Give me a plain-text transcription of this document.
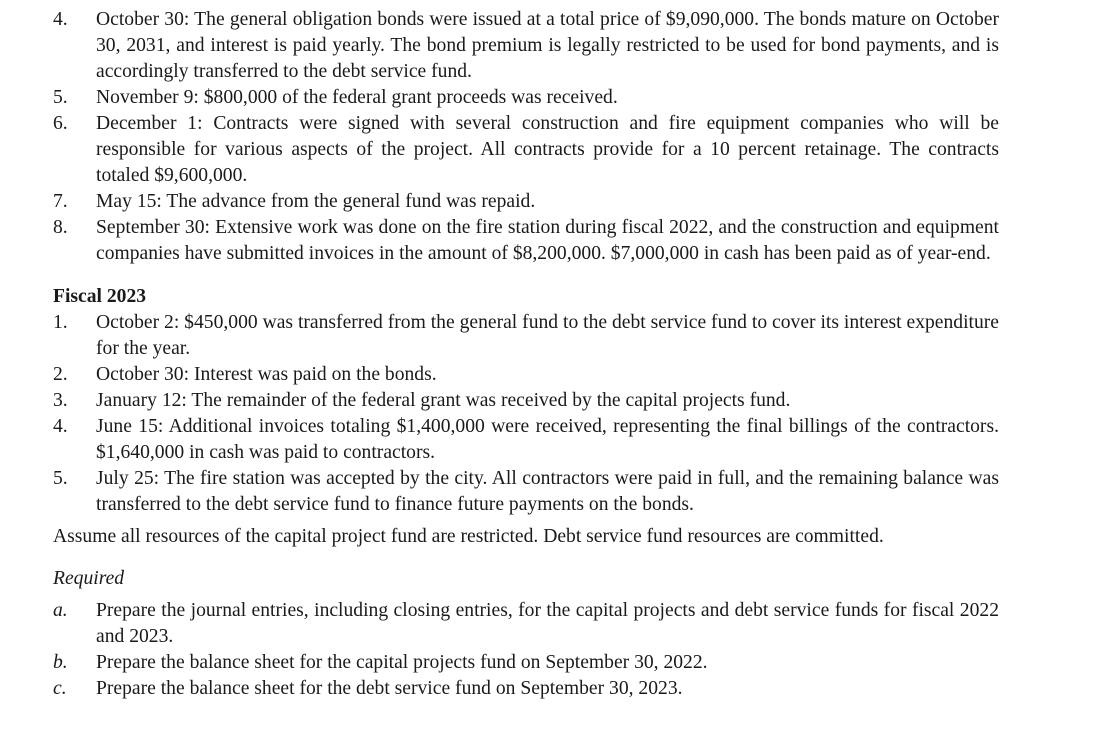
4. October 30: The general obligation bonds were issued at a total price of $9,090,000. The bonds mature on October 30, 2031, and interest is paid yearly. The bond premium is legally restricted to be used for bond payments, and is accordingly transferred to the debt service fund.
5. November 9: $800,000 of the federal grant proceeds was received.
6. December 1: Contracts were signed with several construction and fire equipment companies who will be responsible for various aspects of the project. All contracts provide for a 10 percent retainage. The contracts totaled $9,600,000.
7. May 15: The advance from the general fund was repaid.
8. September 30: Extensive work was done on the fire station during fiscal 2022, and the construction and equipment companies have submitted invoices in the amount of $8,200,000. $7,000,000 in cash has been paid as of year-end.
Fiscal 2023
1. October 2: $450,000 was transferred from the general fund to the debt service fund to cover its interest expenditure for the year.
2. October 30: Interest was paid on the bonds.
3. January 12: The remainder of the federal grant was received by the capital projects fund.
4. June 15: Additional invoices totaling $1,400,000 were received, representing the final billings of the contractors. $1,640,000 in cash was paid to contractors.
5. July 25: The fire station was accepted by the city. All contractors were paid in full, and the remaining balance was transferred to the debt service fund to finance future payments on the bonds.
Assume all resources of the capital project fund are restricted. Debt service fund resources are committed.
Required
a. Prepare the journal entries, including closing entries, for the capital projects and debt service funds for fiscal 2022 and 2023.
b. Prepare the balance sheet for the capital projects fund on September 30, 2022.
c. Prepare the balance sheet for the debt service fund on September 30, 2023.
